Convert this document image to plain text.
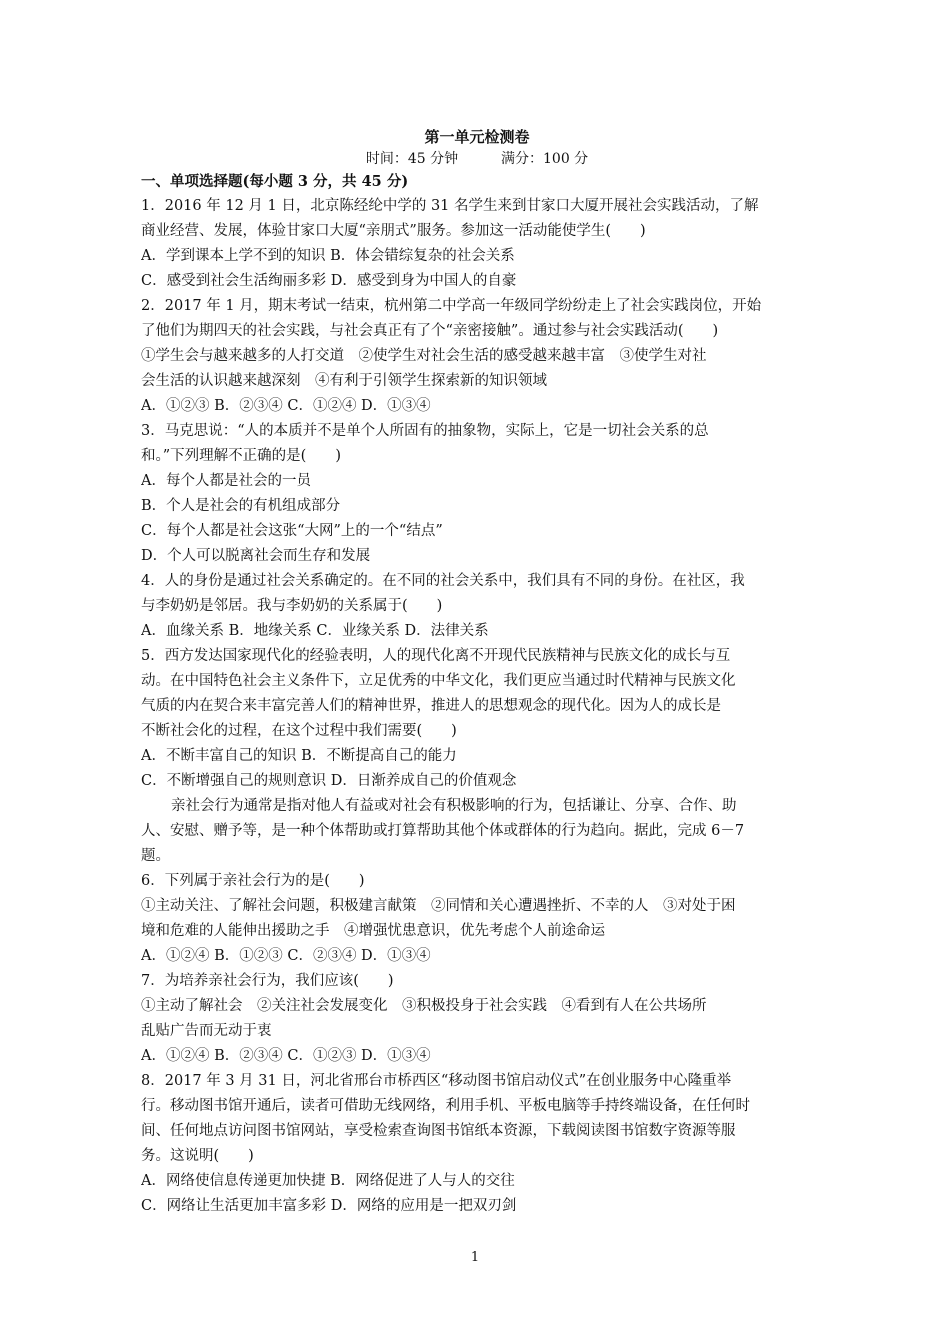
第一单元检测卷
时间：45 分钟	满分：100 分
一、单项选择题(每小题 3 分，共 45 分)
1．2016 年 12 月 1 日，北京陈经纶中学的 31 名学生来到甘家口大厦开展社会实践活动，了解
商业经营、发展，体验甘家口大厦“亲朋式”服务。参加这一活动能使学生(　　)
A．学到课本上学不到的知识 B．体会错综复杂的社会关系
C．感受到社会生活绚丽多彩 D．感受到身为中国人的自豪
2．2017 年 1 月，期末考试一结束，杭州第二中学高一年级同学纷纷走上了社会实践岗位，开始
了他们为期四天的社会实践，与社会真正有了个“亲密接触”。通过参与社会实践活动(　　)
①学生会与越来越多的人打交道　②使学生对社会生活的感受越来越丰富　③使学生对社
会生活的认识越来越深刻　④有利于引领学生探索新的知识领域
A．①②③ B．②③④ C．①②④ D．①③④
3．马克思说：“人的本质并不是单个人所固有的抽象物，实际上，它是一切社会关系的总
和。”下列理解不正确的是(　　)
A．每个人都是社会的一员
B．个人是社会的有机组成部分
C．每个人都是社会这张“大网”上的一个“结点”
D．个人可以脱离社会而生存和发展
4．人的身份是通过社会关系确定的。在不同的社会关系中，我们具有不同的身份。在社区，我
与李奶奶是邻居。我与李奶奶的关系属于(　　)
A．血缘关系 B．地缘关系 C．业缘关系 D．法律关系
5．西方发达国家现代化的经验表明，人的现代化离不开现代民族精神与民族文化的成长与互
动。在中国特色社会主义条件下，立足优秀的中华文化，我们更应当通过时代精神与民族文化
气质的内在契合来丰富完善人们的精神世界，推进人的思想观念的现代化。因为人的成长是
不断社会化的过程，在这个过程中我们需要(　　)
A．不断丰富自己的知识 B．不断提高自己的能力
C．不断增强自己的规则意识 D．日渐养成自己的价值观念
亲社会行为通常是指对他人有益或对社会有积极影响的行为，包括谦让、分享、合作、助
人、安慰、赠予等，是一种个体帮助或打算帮助其他个体或群体的行为趋向。据此，完成 6－7
题。
6．下列属于亲社会行为的是(　　)
①主动关注、了解社会问题，积极建言献策　②同情和关心遭遇挫折、不幸的人　③对处于困
境和危难的人能伸出援助之手　④增强忧患意识，优先考虑个人前途命运
A．①②④ B．①②③ C．②③④ D．①③④
7．为培养亲社会行为，我们应该(　　)
①主动了解社会　②关注社会发展变化　③积极投身于社会实践　④看到有人在公共场所
乱贴广告而无动于衷
A．①②④ B．②③④ C．①②③ D．①③④
8．2017 年 3 月 31 日，河北省邢台市桥西区“移动图书馆启动仪式”在创业服务中心隆重举
行。移动图书馆开通后，读者可借助无线网络，利用手机、平板电脑等手持终端设备，在任何时
间、任何地点访问图书馆网站，享受检索查询图书馆纸本资源，下载阅读图书馆数字资源等服
务。这说明(　　)
A．网络使信息传递更加快捷 B．网络促进了人与人的交往
C．网络让生活更加丰富多彩 D．网络的应用是一把双刃剑
1
